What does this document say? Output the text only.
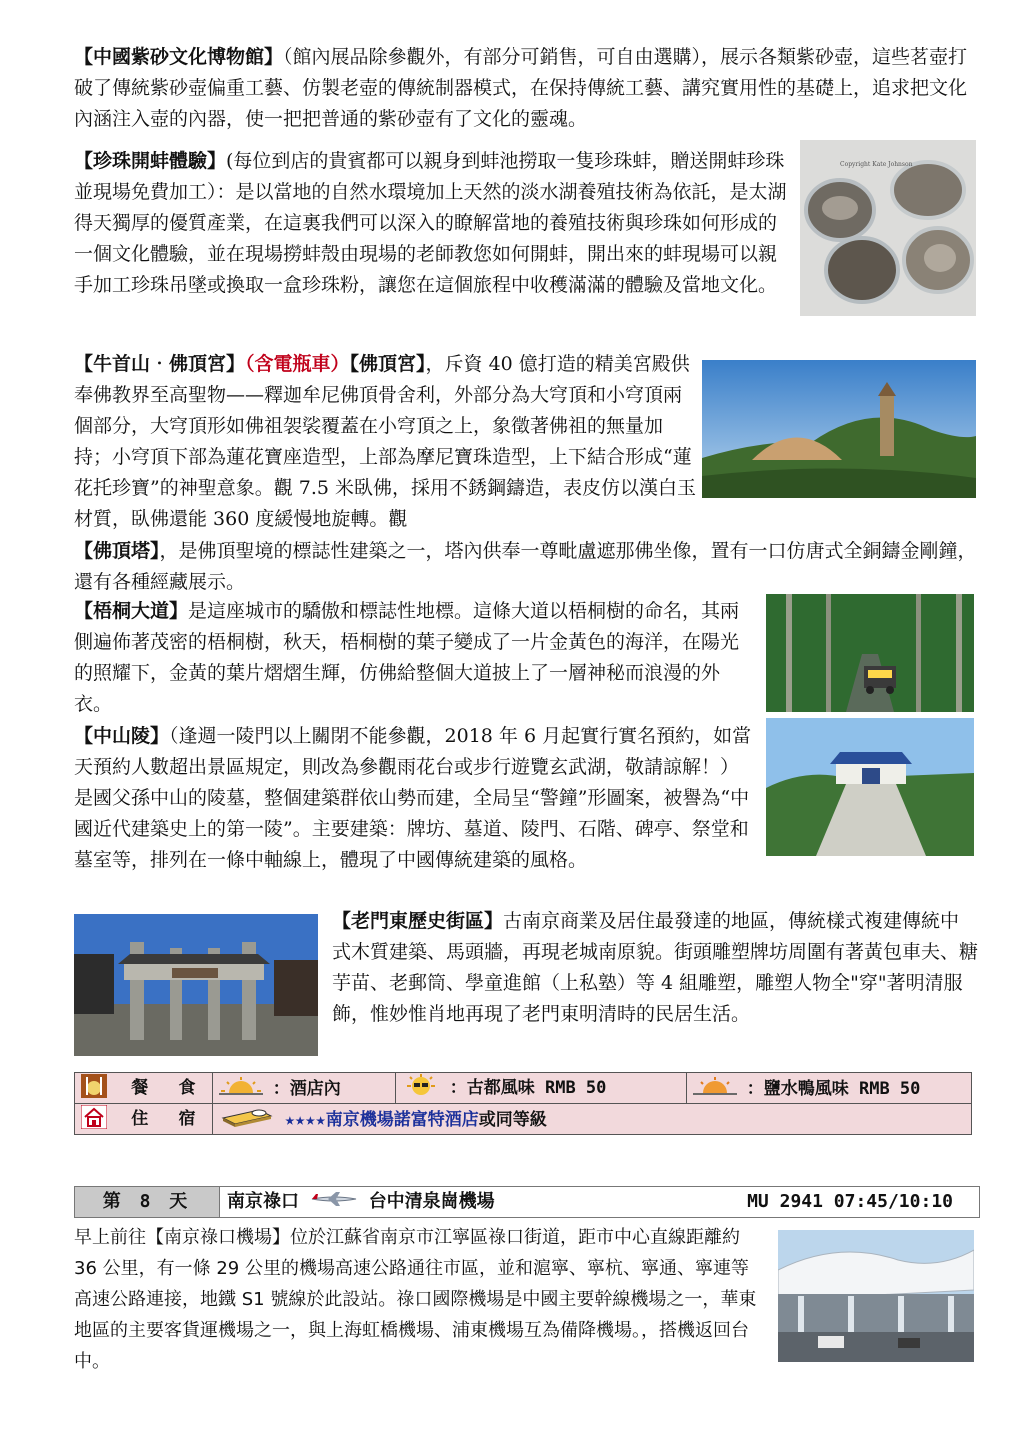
【中國紫砂文化博物館】（館內展品除參觀外，有部分可銷售，可自由選購），展示各類紫砂壺，這些茗壺打破了傳統紫砂壺偏重工藝、仿製老壺的傳統制器模式，在保持傳統工藝、講究實用性的基礎上，追求把文化內涵注入壺的內器，使一把把普通的紫砂壺有了文化的靈魂。

Copyright Kate Johnson

【珍珠開蚌體驗】(每位到店的貴賓都可以親身到蚌池撈取一隻珍珠蚌，贈送開蚌珍珠並現場免費加工）：是以當地的自然水環境加上天然的淡水湖養殖技術為依託，是太湖得天獨厚的優質產業，在這裏我們可以深入的瞭解當地的養殖技術與珍珠如何形成的一個文化體驗，並在現場撈蚌殼由現場的老師教您如何開蚌，開出來的蚌現場可以親手加工珍珠吊墜或換取一盒珍珠粉，讓您在這個旅程中收穫滿滿的體驗及當地文化。

【牛首山‧佛頂宮】（含電瓶車）【佛頂宮】，斥資 40 億打造的精美宮殿供奉佛教界至高聖物——釋迦牟尼佛頂骨舍利，外部分為大穹頂和小穹頂兩個部分，大穹頂形如佛祖袈裟覆蓋在小穹頂之上，象徵著佛祖的無量加持；小穹頂下部為蓮花寶座造型，上部為摩尼寶珠造型，上下結合形成“蓮花托珍寶”的神聖意象。觀 7.5 米臥佛，採用不銹鋼鑄造，表皮仿以漢白玉材質，臥佛還能 360 度緩慢地旋轉。觀

【佛頂塔】，是佛頂聖境的標誌性建築之一，塔內供奉一尊毗盧遮那佛坐像，置有一口仿唐式全銅鑄金剛鐘，還有各種經藏展示。

【梧桐大道】是這座城市的驕傲和標誌性地標。這條大道以梧桐樹的命名，其兩側遍佈著茂密的梧桐樹，秋天，梧桐樹的葉子變成了一片金黃色的海洋，在陽光的照耀下，金黃的葉片熠熠生輝，仿佛給整個大道披上了一層神秘而浪漫的外衣。

【中山陵】（逢週一陵門以上關閉不能參觀，2018 年 6 月起實行實名預約，如當天預約人數超出景區規定，則改為參觀雨花台或步行遊覽玄武湖，敬請諒解！）是國父孫中山的陵墓，整個建築群依山勢而建，全局呈“警鐘”形圖案，被譽為“中國近代建築史上的第一陵”。主要建築：牌坊、墓道、陵門、石階、碑亭、祭堂和墓室等，排列在一條中軸線上，體現了中國傳統建築的風格。

【老門東歷史街區】古南京商業及居住最發達的地區，傳統樣式複建傳統中式木質建築、馬頭牆，再現老城南原貌。街頭雕塑牌坊周圍有著黃包車夫、糖芋苗、老郵筒、學童進館（上私塾）等 4 組雕塑，雕塑人物全"穿"著明清服飾，惟妙惟肖地再現了老門東明清時的民居生活。

餐 食	：酒店內	：古都風味 RMB 50	：鹽水鴨風味 RMB 50
住 宿	★★★★南京機場諾富特酒店或同等級		
第 8 天	南京祿口	台中清泉崗機場	MU 2941 07:45/10:10

早上前往【南京祿口機場】位於江蘇省南京市江寧區祿口街道，距市中心直線距離約 36 公里，有一條 29 公里的機場高速公路通往市區，並和滬寧、寧杭、寧通、寧連等高速公路連接，地鐵 S1 號線於此設站。祿口國際機場是中國主要幹線機場之一，華東地區的主要客貨運機場之一，與上海虹橋機場、浦東機場互為備降機場。，搭機返回台中。
